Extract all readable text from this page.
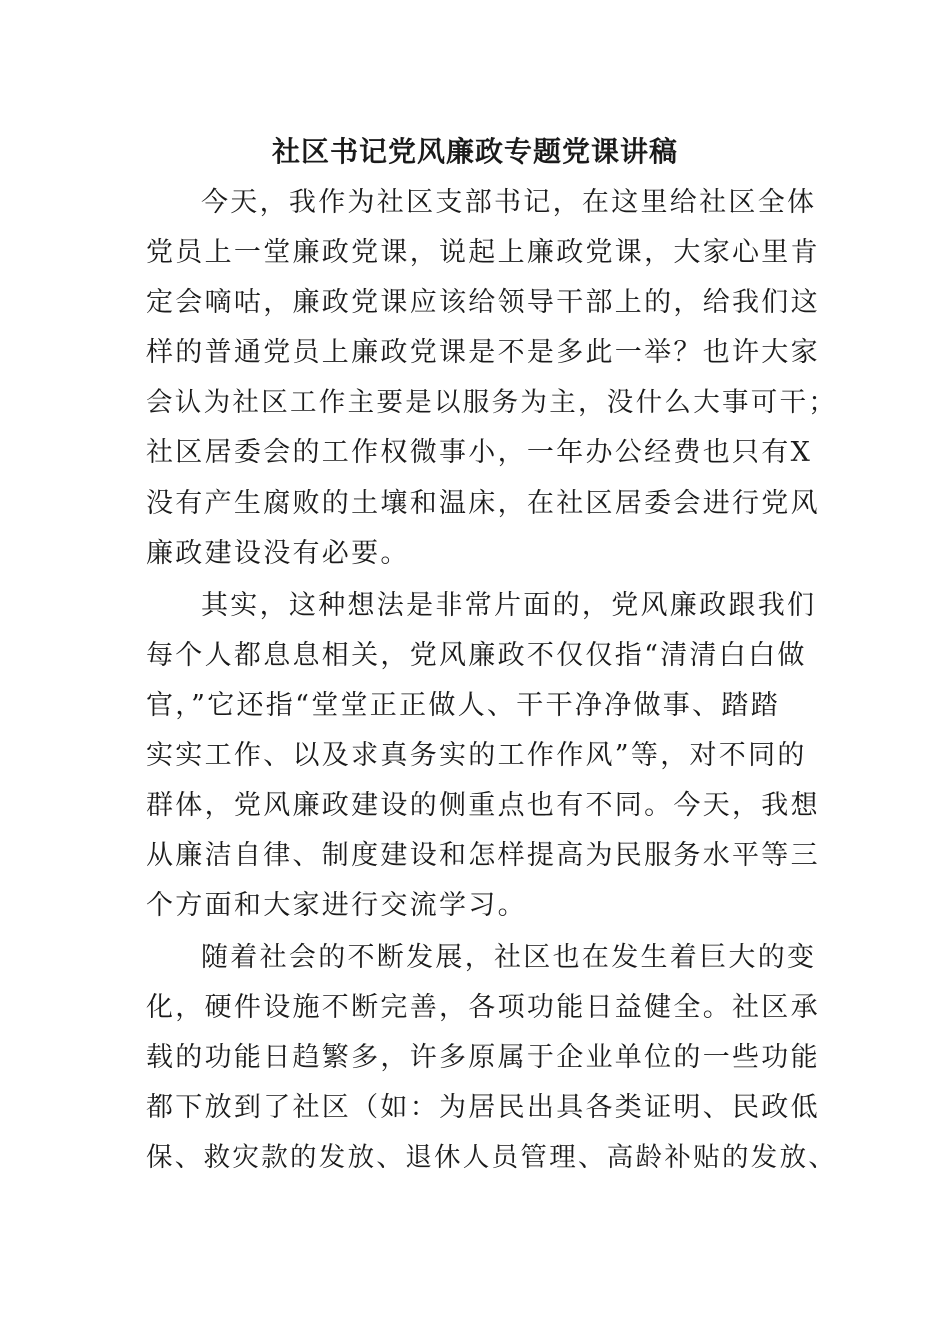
社区书记党风廉政专题党课讲稿

今天，我作为社区支部书记，在这里给社区全体

党员上一堂廉政党课，说起上廉政党课，大家心里肯

定会嘀咕，廉政党课应该给领导干部上的，给我们这

样的普通党员上廉政党课是不是多此一举？也许大家

会认为社区工作主要是以服务为主，没什么大事可干；

社区居委会的工作权微事小，一年办公经费也只有X

没有产生腐败的土壤和温床，在社区居委会进行党风

廉政建设没有必要。

其实，这种想法是非常片面的，党风廉政跟我们

每个人都息息相关，党风廉政不仅仅指“清清白白做

官，”它还指“堂堂正正做人、干干净净做事、踏踏

实实工作、以及求真务实的工作作风”等，对不同的

群体，党风廉政建设的侧重点也有不同。今天，我想

从廉洁自律、制度建设和怎样提高为民服务水平等三

个方面和大家进行交流学习。

随着社会的不断发展，社区也在发生着巨大的变

化，硬件设施不断完善，各项功能日益健全。社区承

载的功能日趋繁多，许多原属于企业单位的一些功能

都下放到了社区（如：为居民出具各类证明、民政低

保、救灾款的发放、退休人员管理、高龄补贴的发放、
